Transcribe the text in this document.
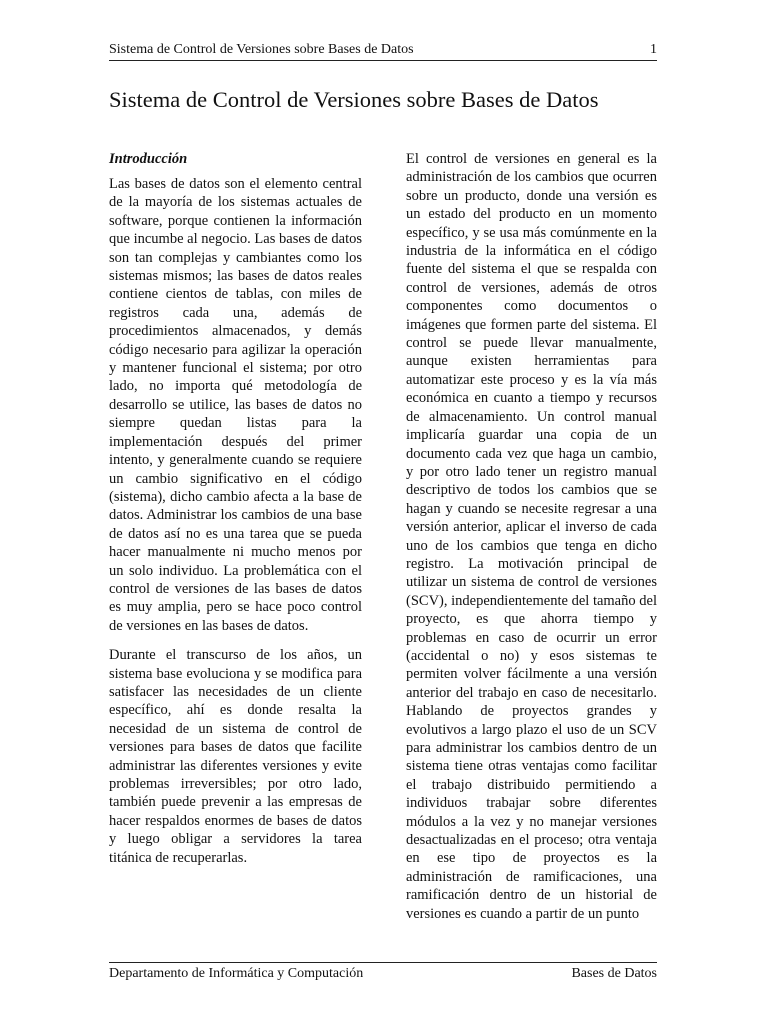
Sistema de Control de Versiones sobre Bases de Datos	1
Sistema de Control de Versiones sobre Bases de Datos

Introducción

Las bases de datos son el elemento central de la mayoría de los sistemas actuales de software, porque contienen la información que incumbe al negocio. Las bases de datos son tan complejas y cambiantes como los sistemas mismos; las bases de datos reales contiene cientos de tablas, con miles de registros cada una, además de procedimientos almacenados, y demás código necesario para agilizar la operación y mantener funcional el sistema; por otro lado, no importa qué metodología de desarrollo se utilice, las bases de datos no siempre quedan listas para la implementación después del primer intento, y generalmente cuando se requiere un cambio significativo en el código (sistema), dicho cambio afecta a la base de datos. Administrar los cambios de una base de datos así no es una tarea que se pueda hacer manualmente ni mucho menos por un solo individuo. La problemática con el control de versiones de las bases de datos es muy amplia, pero se hace poco control de versiones en las bases de datos.

Durante el transcurso de los años, un sistema base evoluciona y se modifica para satisfacer las necesidades de un cliente específico, ahí es donde resalta la necesidad de un sistema de control de versiones para bases de datos que facilite administrar las diferentes versiones y evite problemas irreversibles; por otro lado, también puede prevenir a las empresas de hacer respaldos enormes de bases de datos y luego obligar a servidores la tarea titánica de recuperarlas.

El control de versiones en general es la administración de los cambios que ocurren sobre un producto, donde una versión es un estado del producto en un momento específico, y se usa más comúnmente en la industria de la informática en el código fuente del sistema el que se respalda con control de versiones, además de otros componentes como documentos o imágenes que formen parte del sistema. El control se puede llevar manualmente, aunque existen herramientas para automatizar este proceso y es la vía más económica en cuanto a tiempo y recursos de almacenamiento. Un control manual implicaría guardar una copia de un documento cada vez que haga un cambio, y por otro lado tener un registro manual descriptivo de todos los cambios que se hagan y cuando se necesite regresar a una versión anterior, aplicar el inverso de cada uno de los cambios que tenga en dicho registro. La motivación principal de utilizar un sistema de control de versiones (SCV), independientemente del tamaño del proyecto, es que ahorra tiempo y problemas en caso de ocurrir un error (accidental o no) y esos sistemas te permiten volver fácilmente a una versión anterior del trabajo en caso de necesitarlo. Hablando de proyectos grandes y evolutivos a largo plazo el uso de un SCV para administrar los cambios dentro de un sistema tiene otras ventajas como facilitar el trabajo distribuido permitiendo a individuos trabajar sobre diferentes módulos a la vez y no manejar versiones desactualizadas en el proceso; otra ventaja en ese tipo de proyectos es la administración de ramificaciones, una ramificación dentro de un historial de versiones es cuando a partir de un punto

Departamento de Informática y Computación	Bases de Datos
